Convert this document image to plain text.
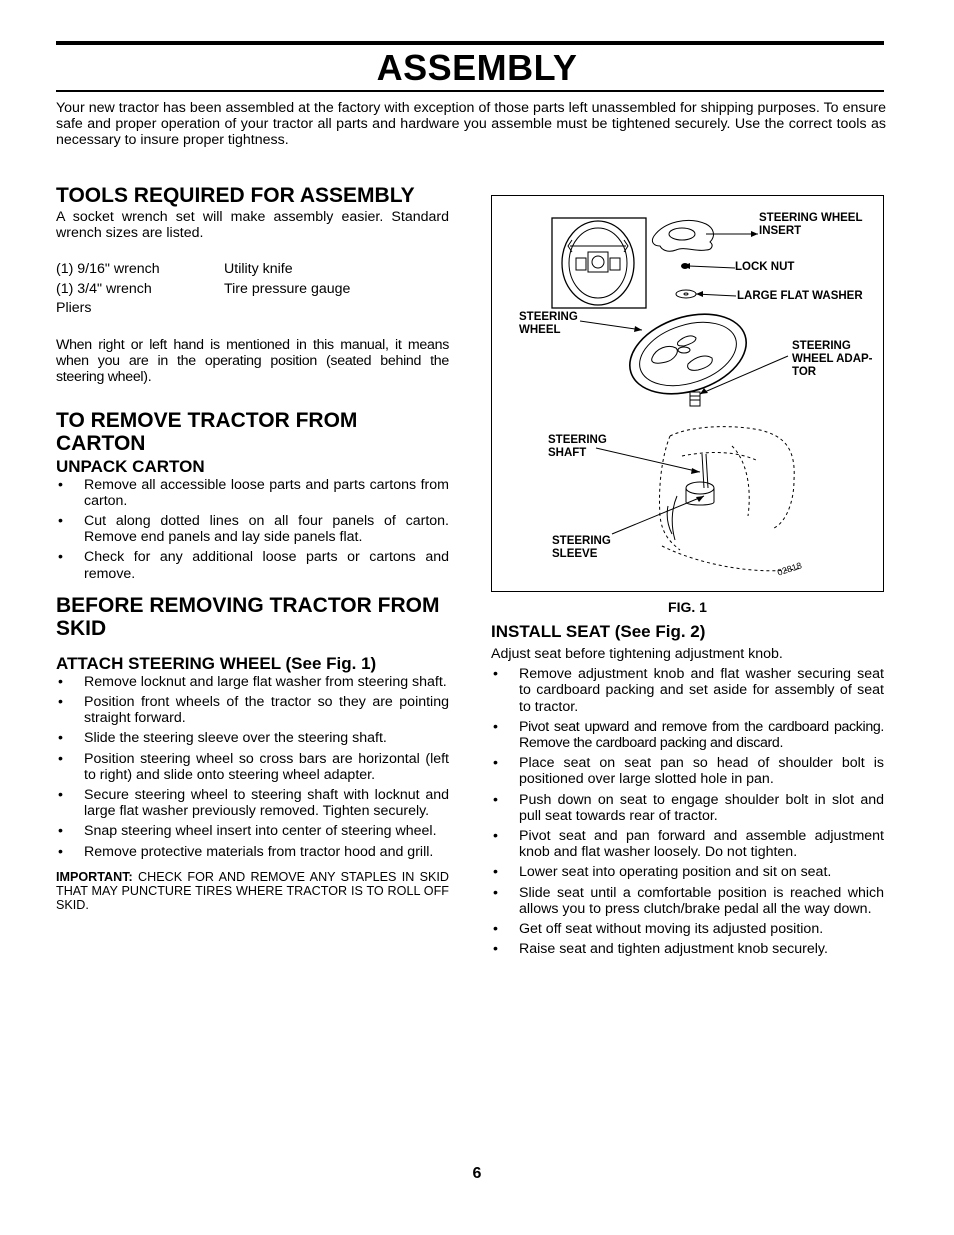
ASSEMBLY

Your new tractor has been assembled at the factory with exception of those parts left unassembled for shipping purposes. To ensure safe and proper operation of your tractor all parts and hardware you assemble must be tightened securely. Use the correct tools as necessary to insure proper tightness.

TOOLS REQUIRED FOR ASSEMBLY

A socket wrench set will make assembly easier. Standard wrench sizes are listed.

(1) 9/16" wrench	Utility knife
(1) 3/4" wrench	Tire pressure gauge
Pliers

When right or left hand is mentioned in this manual, it means when you are in the operating position (seated behind the steering wheel).

TO REMOVE TRACTOR FROM CARTON
UNPACK CARTON
• Remove all accessible loose parts and parts cartons from carton.
• Cut along dotted lines on all four panels of carton. Remove end panels and lay side panels flat.
• Check for any additional loose parts or cartons and remove.
BEFORE REMOVING TRACTOR FROM SKID
ATTACH STEERING WHEEL (See Fig. 1)
• Remove locknut and large flat washer from steering shaft.
• Position front wheels of the tractor so they are pointing straight forward.
• Slide the steering sleeve over the steering shaft.
• Position steering wheel so cross bars are horizontal (left to right) and slide onto steering wheel adapter.
• Secure steering wheel to steering shaft with locknut and large flat washer previously removed. Tighten securely.
• Snap steering wheel insert into center of steering wheel.
• Remove protective materials from tractor hood and grill.

IMPORTANT: CHECK FOR AND REMOVE ANY STAPLES IN SKID THAT MAY PUNCTURE TIRES WHERE TRACTOR IS TO ROLL OFF SKID.

STEERING WHEEL
INSERT
LOCK NUT
LARGE FLAT WASHER
STEERING
WHEEL
STEERING
WHEEL ADAP-
TOR
STEERING
SHAFT
STEERING
SLEEVE
02818
FIG. 1
INSTALL SEAT (See Fig. 2)

Adjust seat before tightening adjustment knob.

• Remove adjustment knob and flat washer securing seat to cardboard packing and set aside for assembly of seat to tractor.
• Pivot seat upward and remove from the cardboard packing. Remove the cardboard packing and discard.
• Place seat on seat pan so head of shoulder bolt is positioned over large slotted hole in pan.
• Push down on seat to engage shoulder bolt in slot and pull seat towards rear of tractor.
• Pivot seat and pan forward and assemble adjustment knob and flat washer loosely. Do not tighten.
• Lower seat into operating position and sit on seat.
• Slide seat until a comfortable position is reached which allows you to press clutch/brake pedal all the way down.
• Get off seat without moving its adjusted position.
• Raise seat and tighten adjustment knob securely.
6
